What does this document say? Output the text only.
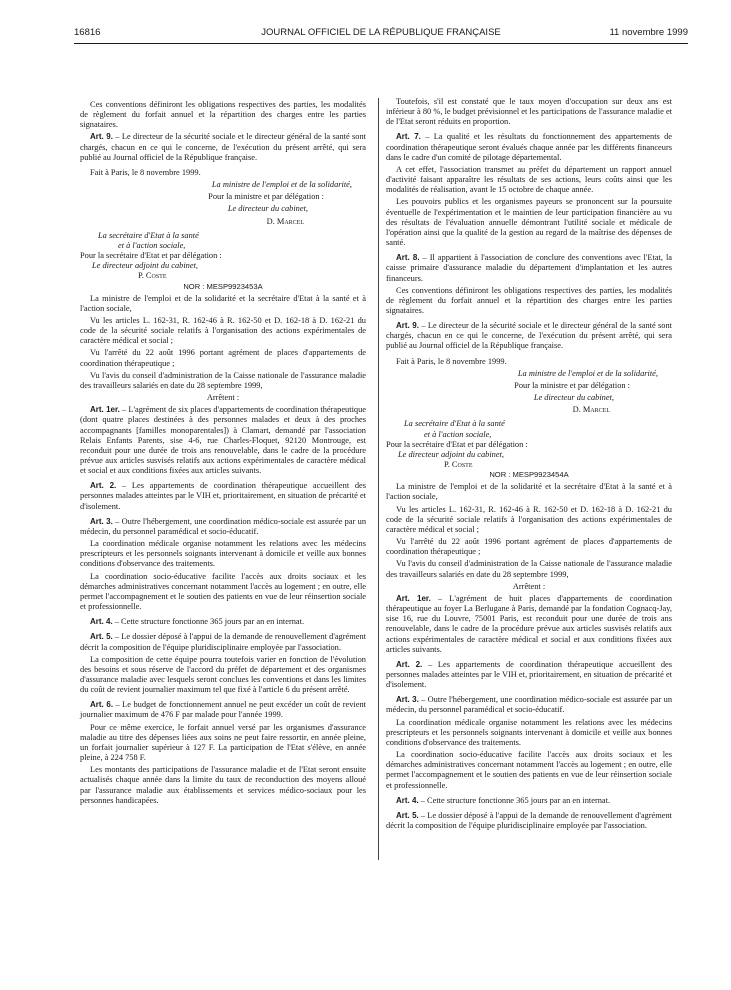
16816	JOURNAL OFFICIEL DE LA RÉPUBLIQUE FRANÇAISE	11 novembre 1999

Ces conventions définiront les obligations respectives des parties, les modalités de règlement du forfait annuel et la répartition des charges entre les parties signataires.

Art. 9. – Le directeur de la sécurité sociale et le directeur général de la santé sont chargés, chacun en ce qui le concerne, de l'exécution du présent arrêté, qui sera publié au Journal officiel de la République française.

Fait à Paris, le 8 novembre 1999.

La ministre de l'emploi et de la solidarité,

Pour la ministre et par délégation :

Le directeur du cabinet,

D. Marcel

La secrétaire d'Etat à la santé
et à l'action sociale,
Pour la secrétaire d'Etat et par délégation :
Le directeur adjoint du cabinet,
P. Coste

NOR : MESP9923453A

La ministre de l'emploi et de la solidarité et la secrétaire d'Etat à la santé et à l'action sociale,

Vu les articles L. 162-31, R. 162-46 à R. 162-50 et D. 162-18 à D. 162-21 du code de la sécurité sociale relatifs à l'organisation des actions expérimentales de caractère médical et social ;

Vu l'arrêté du 22 août 1996 portant agrément de places d'appartements de coordination thérapeutique ;

Vu l'avis du conseil d'administration de la Caisse nationale de l'assurance maladie des travailleurs salariés en date du 28 septembre 1999,

Arrêtent :

Art. 1er. – L'agrément de six places d'appartements de coordination thérapeutique (dont quatre places destinées à des personnes malades et deux à des proches accompagnants [familles monoparentales]) à Clamart, demandé par l'association Relais Enfants Parents, sise 4-6, rue Charles-Floquet, 92120 Montrouge, est reconduit pour une durée de trois ans renouvelable, dans le cadre de la procédure prévue aux articles susvisés relatifs aux actions expérimentales de caractère médical et social et aux conditions fixées aux articles suivants.

Art. 2. – Les appartements de coordination thérapeutique accueillent des personnes malades atteintes par le VIH et, prioritairement, en situation de précarité et d'isolement.

Art. 3. – Outre l'hébergement, une coordination médico-sociale est assurée par un médecin, du personnel paramédical et socio-éducatif.

La coordination médicale organise notamment les relations avec les médecins prescripteurs et les personnels soignants intervenant à domicile et veille aux bonnes conditions d'observance des traitements.

La coordination socio-éducative facilite l'accès aux droits sociaux et les démarches administratives concernant notamment l'accès au logement ; en outre, elle permet l'accompagnement et le soutien des patients en vue de leur réinsertion sociale et professionnelle.

Art. 4. – Cette structure fonctionne 365 jours par an en internat.

Art. 5. – Le dossier déposé à l'appui de la demande de renouvellement d'agrément décrit la composition de l'équipe pluridisciplinaire employée par l'association.

La composition de cette équipe pourra toutefois varier en fonction de l'évolution des besoins et sous réserve de l'accord du préfet de département et des organismes d'assurance maladie avec lesquels seront conclues les conventions et dans les limites du coût de revient journalier maximum tel que fixé à l'article 6 du présent arrêté.

Art. 6. – Le budget de fonctionnement annuel ne peut excéder un coût de revient journalier maximum de 476 F par malade pour l'année 1999.

Pour ce même exercice, le forfait annuel versé par les organismes d'assurance maladie au titre des dépenses liées aux soins ne peut faire ressortir, en année pleine, un forfait journalier supérieur à 127 F. La participation de l'Etat s'élève, en année pleine, à 224 758 F.

Les montants des participations de l'assurance maladie et de l'Etat seront ensuite actualisés chaque année dans la limite du taux de reconduction des moyens alloué par l'assurance maladie aux établissements et services médico-sociaux pour les personnes handicapées.

Toutefois, s'il est constaté que le taux moyen d'occupation sur deux ans est inférieur à 80 %, le budget prévisionnel et les participations de l'assurance maladie et de l'Etat seront réduits en proportion.

Art. 7. – La qualité et les résultats du fonctionnement des appartements de coordination thérapeutique seront évalués chaque année par les différents financeurs dans le cadre d'un comité de pilotage départemental.

A cet effet, l'association transmet au préfet du département un rapport annuel d'activité faisant apparaître les résultats de ses actions, leurs coûts ainsi que les modalités de réalisation, avant le 15 octobre de chaque année.

Les pouvoirs publics et les organismes payeurs se prononcent sur la poursuite éventuelle de l'expérimentation et le maintien de leur participation financière au vu des résultats de l'évaluation annuelle démontrant l'utilité sociale et médicale de l'opération ainsi que la qualité de la gestion au regard de la maîtrise des dépenses de santé.

Art. 8. – Il appartient à l'association de conclure des conventions avec l'Etat, la caisse primaire d'assurance maladie du département d'implantation et les autres financeurs.

Ces conventions définiront les obligations respectives des parties, les modalités de règlement du forfait annuel et la répartition des charges entre les parties signataires.

Art. 9. – Le directeur de la sécurité sociale et le directeur général de la santé sont chargés, chacun en ce qui le concerne, de l'exécution du présent arrêté, qui sera publié au Journal officiel de la République française.

Fait à Paris, le 8 novembre 1999.

La ministre de l'emploi et de la solidarité,

Pour la ministre et par délégation :

Le directeur du cabinet,

D. Marcel

La secrétaire d'Etat à la santé
et à l'action sociale,
Pour la secrétaire d'Etat et par délégation :
Le directeur adjoint du cabinet,
P. Coste

NOR : MESP9923454A

La ministre de l'emploi et de la solidarité et la secrétaire d'Etat à la santé et à l'action sociale,

Vu les articles L. 162-31, R. 162-46 à R. 162-50 et D. 162-18 à D. 162-21 du code de la sécurité sociale relatifs à l'organisation des actions expérimentales de caractère médical et social ;

Vu l'arrêté du 22 août 1996 portant agrément de places d'appartements de coordination thérapeutique ;

Vu l'avis du conseil d'administration de la Caisse nationale de l'assurance maladie des travailleurs salariés en date du 28 septembre 1999,

Arrêtent :

Art. 1er. – L'agrément de huit places d'appartements de coordination thérapeutique au foyer La Berlugane à Paris, demandé par la fondation Cognacq-Jay, sise 16, rue du Louvre, 75001 Paris, est reconduit pour une durée de trois ans renouvelable, dans le cadre de la procédure prévue aux articles susvisés relatifs aux actions expérimentales de caractère médical et social et aux conditions fixées aux articles suivants.

Art. 2. – Les appartements de coordination thérapeutique accueillent des personnes malades atteintes par le VIH et, prioritairement, en situation de précarité et d'isolement.

Art. 3. – Outre l'hébergement, une coordination médico-sociale est assurée par un médecin, du personnel paramédical et socio-éducatif.

La coordination médicale organise notamment les relations avec les médecins prescripteurs et les personnels soignants intervenant à domicile et veille aux bonnes conditions d'observance des traitements.

La coordination socio-éducative facilite l'accès aux droits sociaux et les démarches administratives concernant notamment l'accès au logement ; en outre, elle permet l'accompagnement et le soutien des patients en vue de leur réinsertion sociale et professionnelle.

Art. 4. – Cette structure fonctionne 365 jours par an en internat.

Art. 5. – Le dossier déposé à l'appui de la demande de renouvellement d'agrément décrit la composition de l'équipe pluridisciplinaire employée par l'association.
